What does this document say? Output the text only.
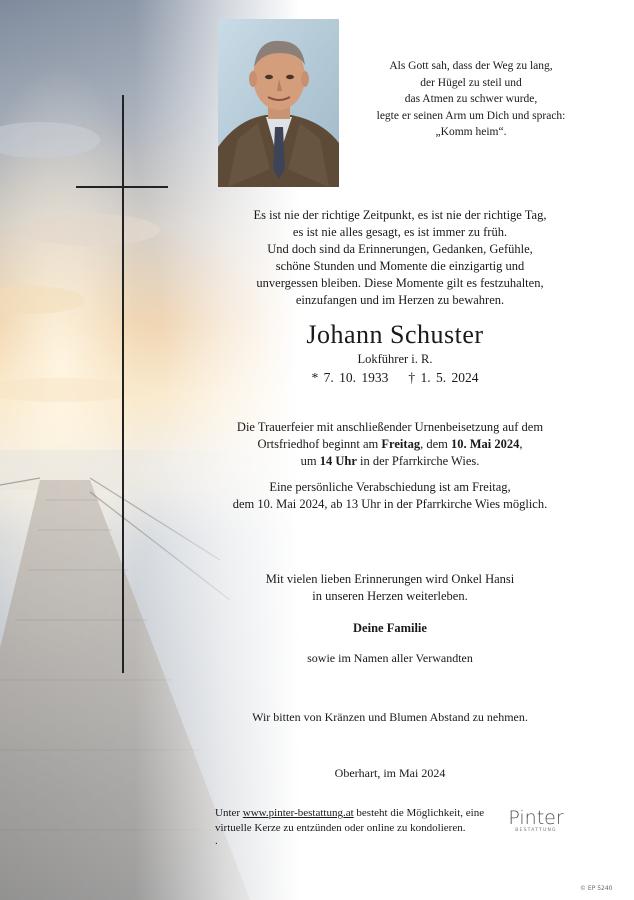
Als Gott sah, dass der Weg zu lang,
der Hügel zu steil und
das Atmen zu schwer wurde,
legte er seinen Arm um Dich und sprach:
„Komm heim“.
Es ist nie der richtige Zeitpunkt, es ist nie der richtige Tag,
es ist nie alles gesagt, es ist immer zu früh.
Und doch sind da Erinnerungen, Gedanken, Gefühle,
schöne Stunden und Momente die einzigartig und
unvergessen bleiben. Diese Momente gilt es festzuhalten,
einzufangen und im Herzen zu bewahren.
Johann Schuster
Lokführer i. R.
* 7. 10. 1933 † 1. 5. 2024
Die Trauerfeier mit anschließender Urnenbeisetzung auf dem
Ortsfriedhof beginnt am Freitag, dem 10. Mai 2024,
um 14 Uhr in der Pfarrkirche Wies.
Eine persönliche Verabschiedung ist am Freitag,
dem 10. Mai 2024, ab 13 Uhr in der Pfarrkirche Wies möglich.
Mit vielen lieben Erinnerungen wird Onkel Hansi
in unseren Herzen weiterleben.
Deine Familie
sowie im Namen aller Verwandten
Wir bitten von Kränzen und Blumen Abstand zu nehmen.
Oberhart, im Mai 2024
Unter www.pinter-bestattung.at besteht die Möglichkeit, eine
virtuelle Kerze zu entzünden oder online zu kondolieren.
.
Pinter
BESTATTUNG
© EP 5240
